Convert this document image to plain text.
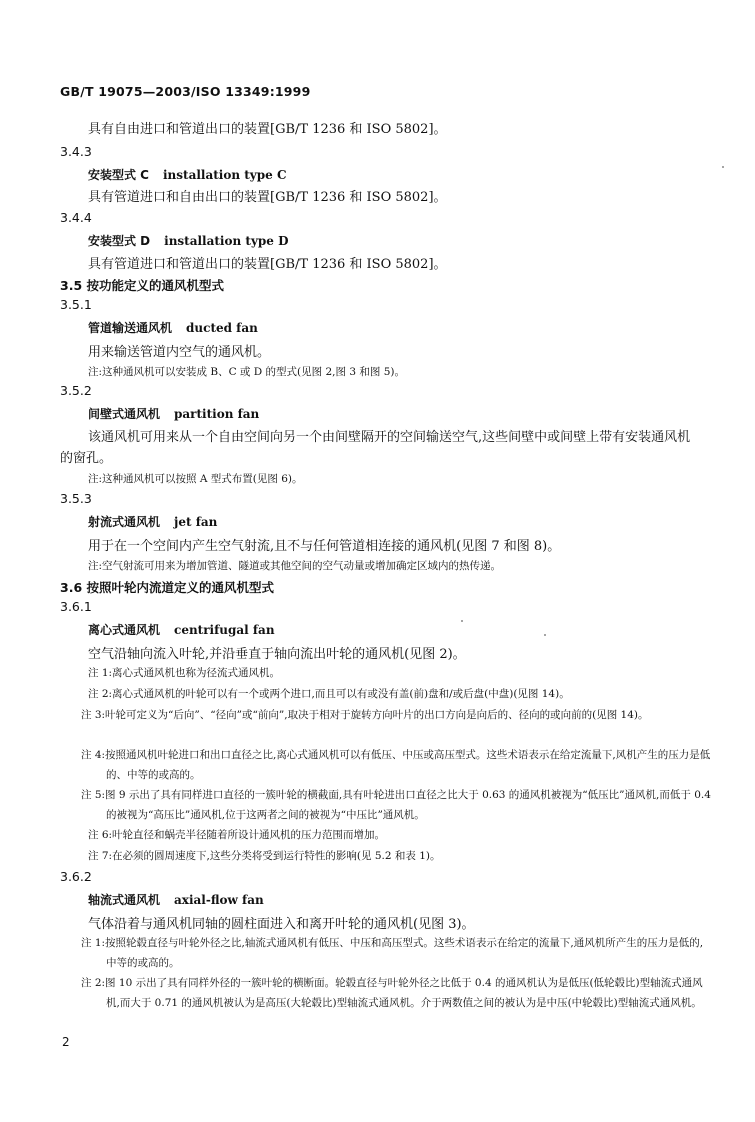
GB/T 19075—2003/ISO 13349:1999
具有自由进口和管道出口的装置[GB/T 1236 和 ISO 5802]。
3.4.3
安装型式 C installation type C
具有管道进口和自由出口的装置[GB/T 1236 和 ISO 5802]。
3.4.4
安装型式 D installation type D
具有管道进口和管道出口的装置[GB/T 1236 和 ISO 5802]。
3.5 按功能定义的通风机型式
3.5.1
管道输送通风机 ducted fan
用来输送管道内空气的通风机。
注:这种通风机可以安装成 B、C 或 D 的型式(见图 2,图 3 和图 5)。
3.5.2
间壁式通风机 partition fan
该通风机可用来从一个自由空间向另一个由间壁隔开的空间输送空气,这些间壁中或间壁上带有安装通风机的窗孔。
注:这种通风机可以按照 A 型式布置(见图 6)。
3.5.3
射流式通风机 jet fan
用于在一个空间内产生空气射流,且不与任何管道相连接的通风机(见图 7 和图 8)。
注:空气射流可用来为增加管道、隧道或其他空间的空气动量或增加确定区域内的热传递。
3.6 按照叶轮内流道定义的通风机型式
3.6.1
离心式通风机 centrifugal fan
空气沿轴向流入叶轮,并沿垂直于轴向流出叶轮的通风机(见图 2)。
注 1:离心式通风机也称为径流式通风机。
注 2:离心式通风机的叶轮可以有一个或两个进口,而且可以有或没有盖(前)盘和/或后盘(中盘)(见图 14)。
注 3:叶轮可定义为“后向”、“径向”或“前向”,取决于相对于旋转方向叶片的出口方向是向后的、径向的或向前的(见图 14)。
注 4:按照通风机叶轮进口和出口直径之比,离心式通风机可以有低压、中压或高压型式。这些术语表示在给定流量下,风机产生的压力是低的、中等的或高的。
注 5:图 9 示出了具有同样进口直径的一簇叶轮的横截面,具有叶轮进出口直径之比大于 0.63 的通风机被视为“低压比”通风机,而低于 0.4 的被视为“高压比”通风机,位于这两者之间的被视为“中压比”通风机。
注 6:叶轮直径和蜗壳半径随着所设计通风机的压力范围而增加。
注 7:在必须的圆周速度下,这些分类将受到运行特性的影响(见 5.2 和表 1)。
3.6.2
轴流式通风机 axial-flow fan
气体沿着与通风机同轴的圆柱面进入和离开叶轮的通风机(见图 3)。
注 1:按照轮毂直径与叶轮外径之比,轴流式通风机有低压、中压和高压型式。这些术语表示在给定的流量下,通风机所产生的压力是低的,中等的或高的。
注 2:图 10 示出了具有同样外径的一簇叶轮的横断面。轮毂直径与叶轮外径之比低于 0.4 的通风机认为是低压(低轮毂比)型轴流式通风机,而大于 0.71 的通风机被认为是高压(大轮毂比)型轴流式通风机。介于两数值之间的被认为是中压(中轮毂比)型轴流式通风机。
2
